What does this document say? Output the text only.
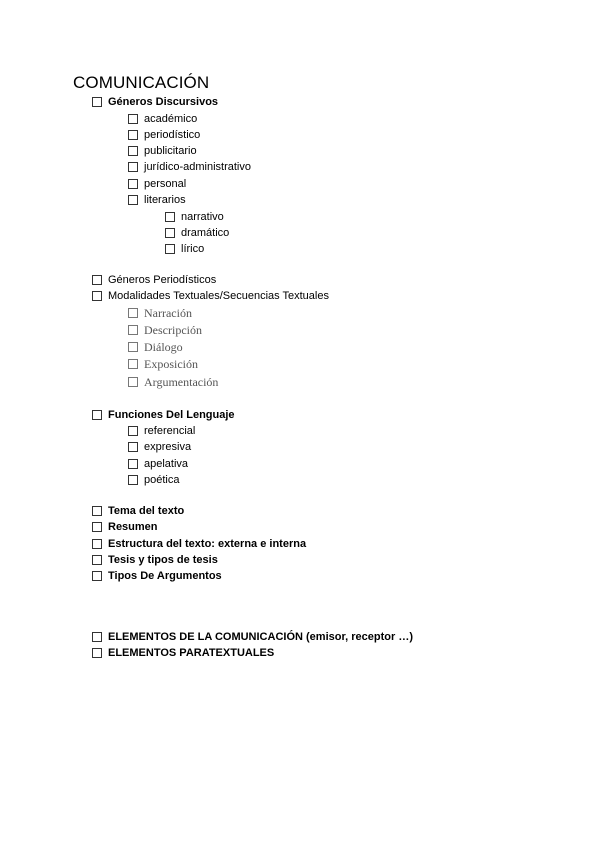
COMUNICACIÓN
Géneros Discursivos
académico
periodístico
publicitario
jurídico-administrativo
personal
literarios
narrativo
dramático
lírico
Géneros Periodísticos
Modalidades Textuales/Secuencias Textuales
Narración
Descripción
Diálogo
Exposición
Argumentación
Funciones Del Lenguaje
referencial
expresiva
apelativa
poética
Tema del texto
Resumen
Estructura del texto: externa e interna
Tesis y tipos de tesis
Tipos De Argumentos
ELEMENTOS DE LA COMUNICACIÓN (emisor, receptor …)
ELEMENTOS PARATEXTUALES
